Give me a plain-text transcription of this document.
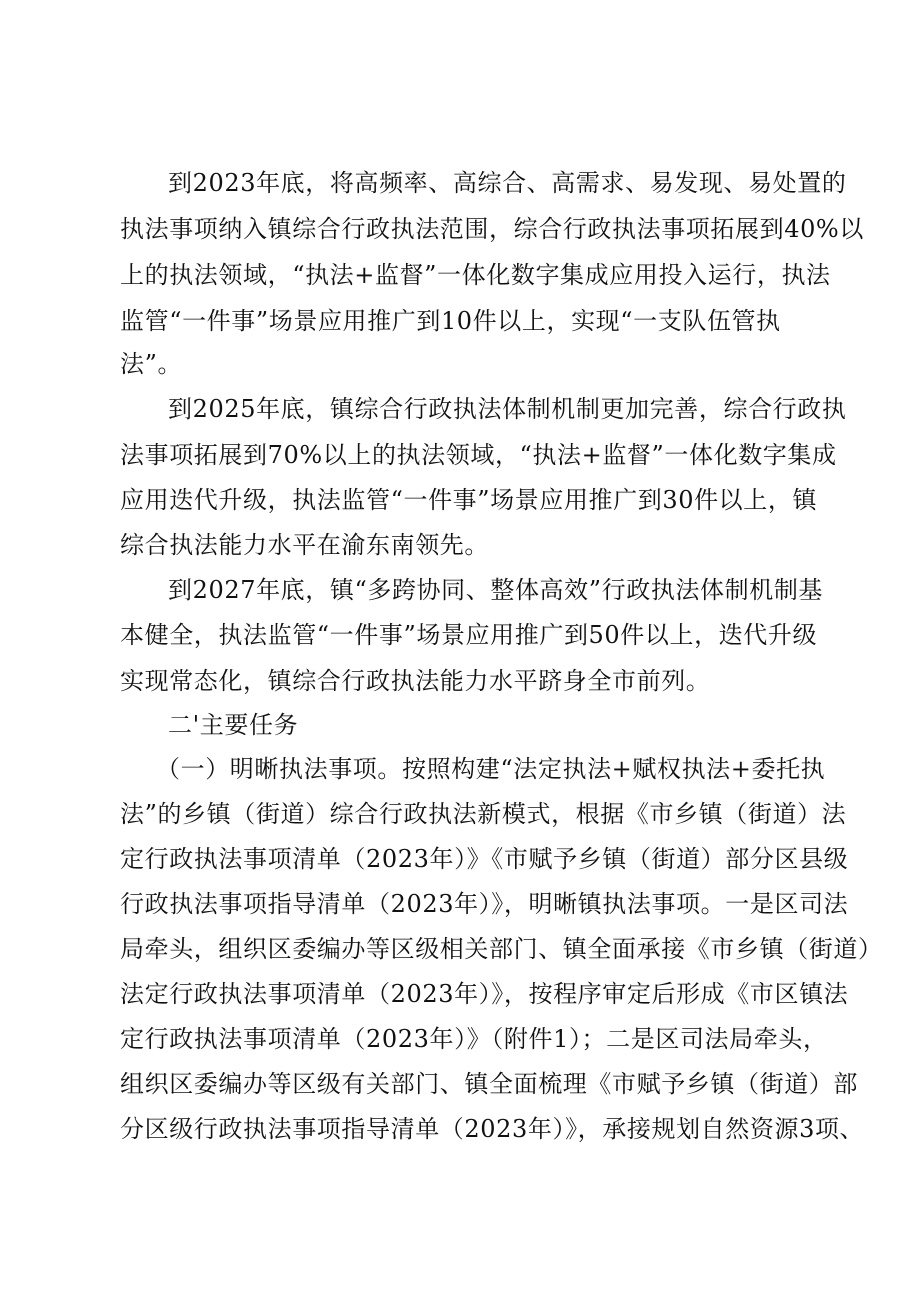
到2023年底，将高频率、高综合、高需求、易发现、易处置的
执法事项纳入镇综合行政执法范围，综合行政执法事项拓展到40%以
上的执法领域，“执法+监督”一体化数字集成应用投入运行，执法
监管“一件事”场景应用推广到10件以上，实现“一支队伍管执
法”。
到2025年底，镇综合行政执法体制机制更加完善，综合行政执
法事项拓展到70%以上的执法领域，“执法+监督”一体化数字集成
应用迭代升级，执法监管“一件事”场景应用推广到30件以上，镇
综合执法能力水平在渝东南领先。
到2027年底，镇“多跨协同、整体高效”行政执法体制机制基
本健全，执法监管“一件事”场景应用推广到50件以上，迭代升级
实现常态化，镇综合行政执法能力水平跻身全市前列。
二'主要任务
（一）明晰执法事项。按照构建“法定执法+赋权执法+委托执
法”的乡镇（街道）综合行政执法新模式，根据《市乡镇（街道）法
定行政执法事项清单（2023年）》《市赋予乡镇（街道）部分区县级
行政执法事项指导清单（2023年）》，明晰镇执法事项。一是区司法
局牵头，组织区委编办等区级相关部门、镇全面承接《市乡镇（街道）
法定行政执法事项清单（2023年）》，按程序审定后形成《市区镇法
定行政执法事项清单（2023年）》（附件1）；二是区司法局牵头，
组织区委编办等区级有关部门、镇全面梳理《市赋予乡镇（街道）部
分区级行政执法事项指导清单（2023年）》，承接规划自然资源3项、
